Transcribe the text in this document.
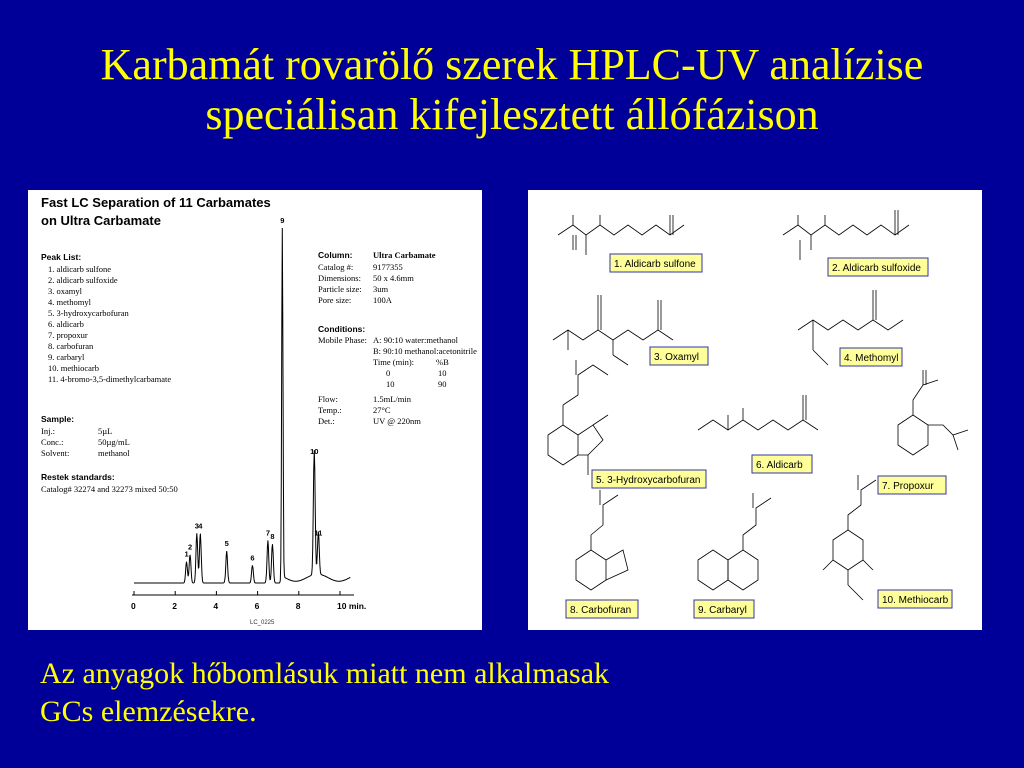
Karbamát rovarölő szerek HPLC-UV analízise
speciálisan kifejlesztett állófázison
Fast LC Separation of 11 Carbamates
on Ultra Carbamate
Peak List:
1. aldicarb sulfone
2. aldicarb sulfoxide
3. oxamyl
4. methomyl
5. 3-hydroxycarbofuran
6. aldicarb
7. propoxur
8. carbofuran
9. carbaryl
10. methiocarb
11. 4-bromo-3,5-dimethylcarbamate
Sample:
Inj.:	5µL
Conc.:	50µg/mL
Solvent:	methanol
Restek standards:
Catalog# 32274 and 32273 mixed 50:50
Column: Ultra Carbamate
Catalog #: 9177355
Dimensions: 50 x 4.6mm
Particle size: 3um
Pore size:	100A
Conditions:
Mobile Phase: A: 90:10 water:methanol
B: 90:10 methanol:acetonitrile
Time (min):	%B
0	10
10	90
Flow:	1.5mL/min
Temp.:	27°C
Det.:	UV @ 220nm
1
2
3 4
5
6
7 8
9
10
11
0	2	4	6	8	10 min.
LC_0225
1. Aldicarb sulfone	2. Aldicarb sulfoxide
3. Oxamyl	4. Methomyl
5. 3-Hydroxycarbofuran
6. Aldicarb
7. Propoxur
8. Carbofuran	9. Carbaryl
10. Methiocarb
Az anyagok hőbomlásuk miatt nem alkalmasak
GCs elemzésekre.
